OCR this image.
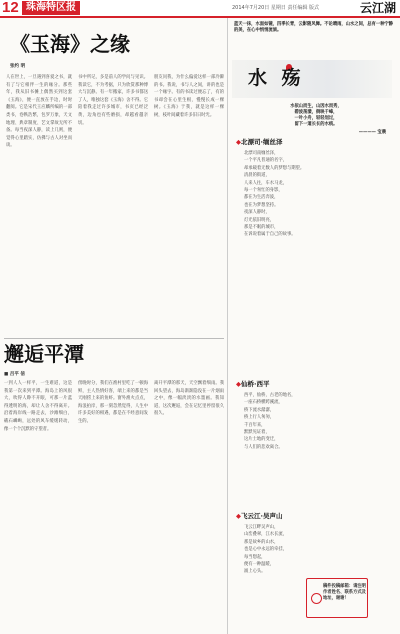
12 珠海特区报	2014年7月20日 星期日 责任编辑 版式	云江湖
《玉海》之缘
张约 明
人在世上，一旦遇到喜爱之书，就有了与它相伴一生的缘分。那些年，我从旧书摊上偶然买到这套《玉海》，便一直放在手边，时时翻阅。它是宋代王应麟所编的一部类书，卷帙浩繁，包罗万象，天文地理、典章制度、艺文掌故无所不备。每当夜深人静，读上几则，便觉得心里踏实，仿佛与古人对坐而谈。
书中所记，多是前人的学问与见识。我读它，不为考据，只为欣赏那种博大与沉静。有一年搬家，许多书都送了人，唯独这套《玉海》舍不得。它陪着我走过许多城市，书页已经泛黄，边角也有些磨损，却越看越亲切。
朋友问我，为什么偏爱这样一部冷僻的书。我说，书与人之间，讲的也是一个缘字。有的书读过便忘了，有的书却会在心里生根，慢慢长成一棵树。《玉海》于我，就是这样一棵树，枝叶间藏着许多旧日时光。
邂逅平潭
■ 吕平 信
一到人人一样平，一生难道，这是我第一次来到平潭。海岛上的风很大，吹得人睁不开眼，可那一片蓝得透明的海，却让人舍不得离开。沿着海岸线一路走去，沙滩细白，礁石嶙峋，远处的风车缓缓转动，像一个个沉默的守望者。
傍晚时分，我们在渔村里吃了一顿海鲜，主人热情好客，端上来的都是当天刚捞上来的鱼虾。窗外渔火点点，海浪拍岸，那一刻忽然觉得，人生中许多美好的相遇，都是在不经意间发生的。
离开平潭的那天，天空飘着细雨。我回头望去，海岛渐渐隐没在一片烟雨之中，像一幅淡淡的水墨画。我知道，这次邂逅，会在记忆里停留很久很久。
蓝天一抹，水面如镜，四季长青，云影随风舞。不论晴雨，山水之间，总有一种宁静的美，在心中悄悄流淌。
水 殇
水依山而生，山因水而秀，
碧波荡漾，倒映千峰，
一叶小舟，轻轻划过，
留下一道长长的水痕。
———— 宝晨
◆北漂司·缅丝泽
北漂司南缅丝泽，
一个平凡普通的名字，
却承载着无数人的梦想与期望。
清晨的街道，
人来人往，车水马龙，
每一个匆忙的身影，
都在为生活奔波，
也在为梦想坚持。
夜深人静时，
灯光依旧明亮，
那是不眠的城市，
在诉说着属于自己的故事。
◆仙桥·西平
西平，仙桥，古老的地名，
一座石桥横跨溪流，
桥下流水潺潺，
桥上行人匆匆，
千百年来，
默默见证着，
这片土地的变迁，
与人们的悲欢离合。
◆飞云江·吴声山
飞云江畔吴声山，
山峦叠翠，江水长流，
那是故乡的山水，
也是心中永远的牵挂，
每当想起，
便有一种温暖，
涌上心头。
稿件投稿邮箱：请注明作者姓名、联系方式及地址，谢谢！
